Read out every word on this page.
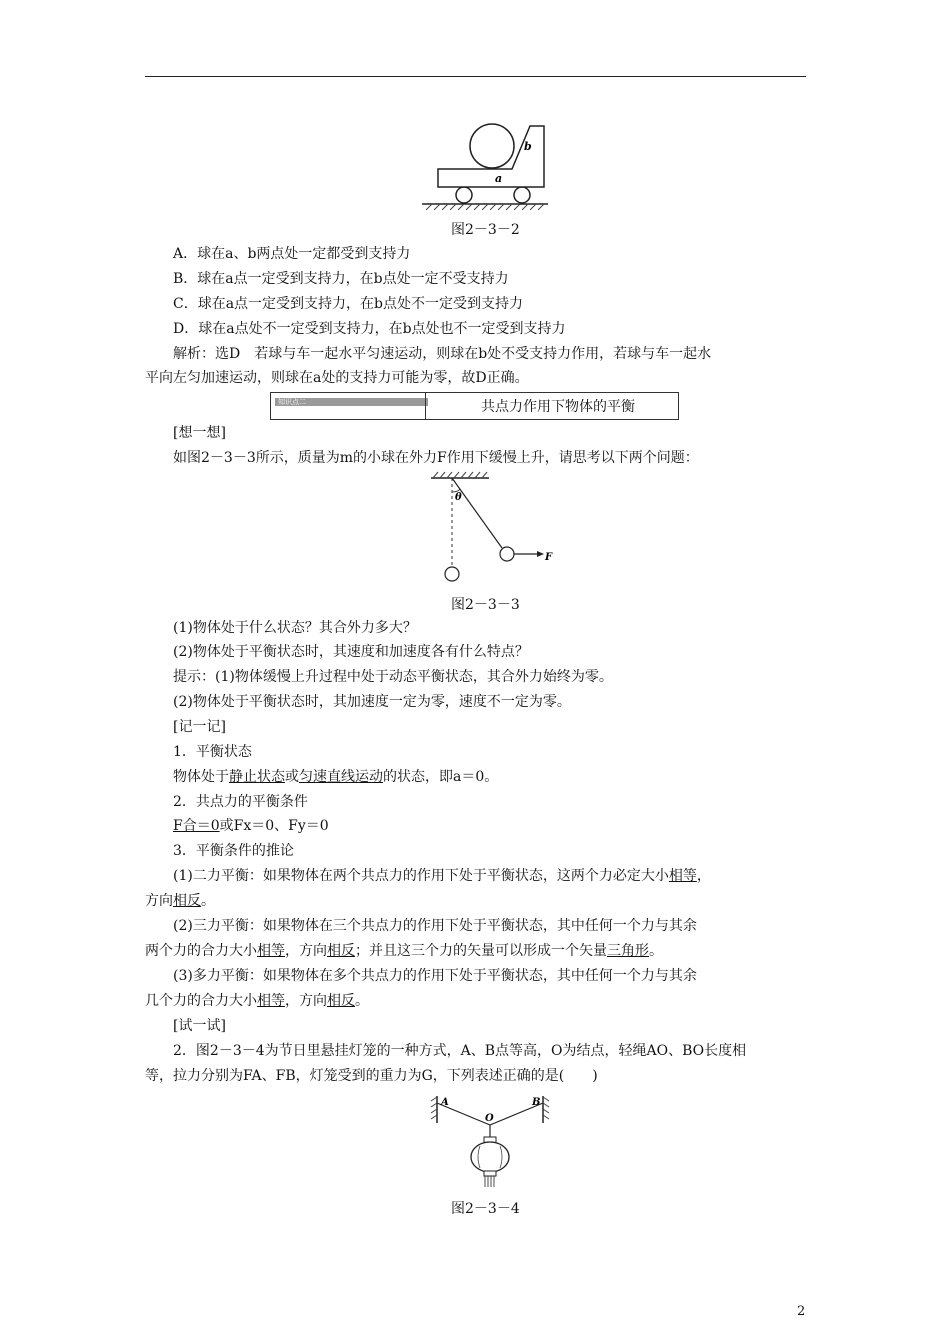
a
b
图2－3－2
A．球在a、b两点处一定都受到支持力
B．球在a点一定受到支持力，在b点处一定不受支持力
C．球在a点一定受到支持力，在b点处不一定受到支持力
D．球在a点处不一定受到支持力，在b点处也不一定受到支持力
解析：选D　若球与车一起水平匀速运动，则球在b处不受支持力作用，若球与车一起水
平向左匀加速运动，则球在a处的支持力可能为零，故D正确。
知识点二	共点力作用下物体的平衡
[想一想]
如图2－3－3所示，质量为m的小球在外力F作用下缓慢上升，请思考以下两个问题：
θ
F
图2－3－3
(1)物体处于什么状态？其合外力多大？
(2)物体处于平衡状态时，其速度和加速度各有什么特点？
提示：(1)物体缓慢上升过程中处于动态平衡状态，其合外力始终为零。
(2)物体处于平衡状态时，其加速度一定为零，速度不一定为零。
[记一记]
1．平衡状态
物体处于静止状态或匀速直线运动的状态，即a＝0。
2．共点力的平衡条件
F合＝0或Fx＝0、Fy＝0
3．平衡条件的推论
(1)二力平衡：如果物体在两个共点力的作用下处于平衡状态，这两个力必定大小相等，
方向相反。
(2)三力平衡：如果物体在三个共点力的作用下处于平衡状态，其中任何一个力与其余
两个力的合力大小相等，方向相反；并且这三个力的矢量可以形成一个矢量三角形。
(3)多力平衡：如果物体在多个共点力的作用下处于平衡状态，其中任何一个力与其余
几个力的合力大小相等，方向相反。
[试一试]
2．图2－3－4为节日里悬挂灯笼的一种方式，A、B点等高，O为结点，轻绳AO、BO长度相
等，拉力分别为FA、FB，灯笼受到的重力为G，下列表述正确的是(　　)
A	B
O
图2－3－4
2
